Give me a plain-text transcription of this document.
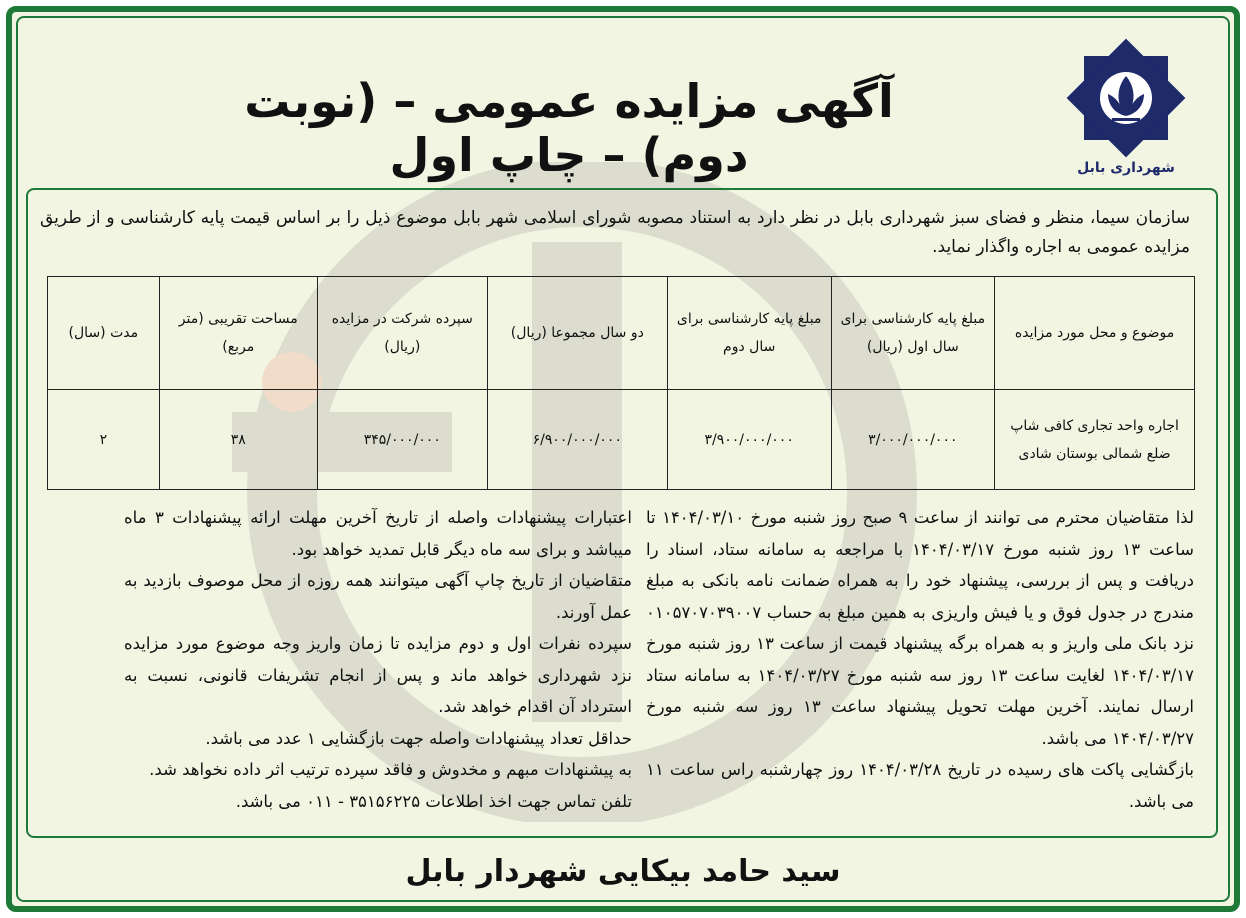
آگهی مزایده عمومی – (نوبت دوم) – چاپ اول	شهرداری بابل
سازمان سیما، منظر و فضای سبز شهرداری بابل در نظر دارد به استناد مصوبه شورای اسلامی شهر بابل موضوع ذیل را بر اساس قیمت پایه کارشناسی و از طریق مزایده عمومی به اجاره واگذار نماید.
موضوع و محل مورد مزایده	مبلغ پایه کارشناسی برای سال اول (ریال)	مبلغ پایه کارشناسی برای سال دوم	دو سال مجموعا (ریال)	سپرده شرکت در مزایده (ریال)	مساحت تقریبی (متر مربع)	مدت (سال)
اجاره واحد تجاری کافی شاپ ضلع شمالی بوستان شادی	۳/۰۰۰/۰۰۰/۰۰۰	۳/۹۰۰/۰۰۰/۰۰۰	۶/۹۰۰/۰۰۰/۰۰۰	۳۴۵/۰۰۰/۰۰۰	۳۸	۲

لذا متقاضیان محترم می توانند از ساعت ۹ صبح روز شنبه مورخ ۱۴۰۴/۰۳/۱۰ تا ساعت ۱۳ روز شنبه مورخ ۱۴۰۴/۰۳/۱۷ با مراجعه به سامانه ستاد، اسناد را دریافت و پس از بررسی، پیشنهاد خود را به همراه ضمانت نامه بانکی به مبلغ مندرج در جدول فوق و یا فیش واریزی به همین مبلغ به حساب ۰۱۰۵۷۰۷۰۳۹۰۰۷ نزد بانک ملی واریز و به همراه برگه پیشنهاد قیمت از ساعت ۱۳ روز شنبه مورخ ۱۴۰۴/۰۳/۱۷ لغایت ساعت ۱۳ روز سه شنبه مورخ ۱۴۰۴/۰۳/۲۷ به سامانه ستاد ارسال نمایند. آخرین مهلت تحویل پیشنهاد ساعت ۱۳ روز سه شنبه مورخ ۱۴۰۴/۰۳/۲۷ می باشد.

بازگشایی پاکت های رسیده در تاریخ ۱۴۰۴/۰۳/۲۸ روز چهارشنبه راس ساعت ۱۱ می باشد.

اعتبارات پیشنهادات واصله از تاریخ آخرین مهلت ارائه پیشنهادات ۳ ماه میباشد و برای سه ماه دیگر قابل تمدید خواهد بود.

متقاضیان از تاریخ چاپ آگهی میتوانند همه روزه از محل موصوف بازدید به عمل آورند.

سپرده نفرات اول و دوم مزایده تا زمان واریز وجه موضوع مورد مزایده نزد شهرداری خواهد ماند و پس از انجام تشریفات قانونی، نسبت به استرداد آن اقدام خواهد شد.

حداقل تعداد پیشنهادات واصله جهت بازگشایی ۱ عدد می باشد.

به پیشنهادات مبهم و مخدوش و فاقد سپرده ترتیب اثر داده نخواهد شد.

تلفن تماس جهت اخذ اطلاعات ۳۵۱۵۶۲۲۵ - ۰۱۱ می باشد.

سید حامد بیکایی شهردار بابل
